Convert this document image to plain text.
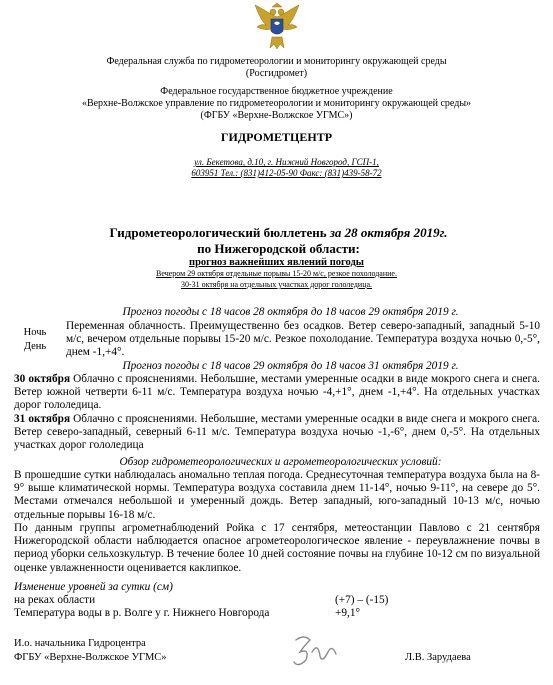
Федеральная служба по гидрометеорологии и мониторингу окружающей среды
(Росгидромет)
Федеральное государственное бюджетное учреждение
«Верхне-Волжское управление по гидрометеорологии и мониторингу окружающей среды»
(ФГБУ «Верхне-Волжское УГМС»)
ГИДРОМЕТЦЕНТР
ул. Бекетова, д.10, г. Нижний Новгород, ГСП-1,
603951 Тел.: (831)412-05-90 Факс: (831)439-58-72
Гидрометеорологический бюллетень за 28 октября 2019г.
по Нижегородской области:
прогноз важнейших явлений погоды
Вечером 29 октября отдельные порывы 15-20 м/с, резкое похолодание.
30-31 октября на отдельных участках дорог гололедица.
Прогноз погоды с 18 часов 28 октября до 18 часов 29 октября 2019 г.
Ночь
День
Переменная облачность. Преимущественно без осадков. Ветер северо-западный, западный 5-10 м/с, вечером отдельные порывы 15-20 м/с. Резкое похолодание. Температура воздуха ночью 0,-5°, днем -1,+4°.
Прогноз погоды с 18 часов 29 октября до 18 часов 31 октября 2019 г.
30 октября Облачно с прояснениями. Небольшие, местами умеренные осадки в виде мокрого снега и снега. Ветер южной четверти 6-11 м/с. Температура воздуха ночью -4,+1°, днем -1,+4°. На отдельных участках дорог гололедица.
31 октября Облачно с прояснениями. Небольшие, местами умеренные осадки в виде снега и мокрого снега. Ветер северо-западный, северный 6-11 м/с. Температура воздуха ночью -1,-6°, днем 0,-5°. На отдельных участках дорог гололедица
Обзор гидрометеорологических и агрометеорологических условий:
В прошедшие сутки наблюдалась аномально теплая погода. Среднесуточная температура воздуха была на 8-9° выше климатической нормы. Температура воздуха составила днем 11-14°, ночью 9-11°, на севере до 5°. Местами отмечался небольшой и умеренный дождь. Ветер западный, юго-западный 10-13 м/с, ночью отдельные порывы 16-18 м/с.
По данным группы агрометнаблюдений Ройка с 17 сентября, метеостанции Павлово с 21 сентября Нижегородской области наблюдается опасное агрометеорологическое явление - переувлажнение почвы в период уборки сельхозкультур. В течение более 10 дней состояние почвы на глубине 10-12 см по визуальной оценке увлажненности оценивается каклипкое.
Изменение уровней за сутки (см)
на реках области	(+7) – (-15)
Температура воды в р. Волге у г. Нижнего Новгорода	+9,1°
И.о. начальника Гидроцентра
ФГБУ «Верхне-Волжское УГМС»	Л.В. Зарудаева
